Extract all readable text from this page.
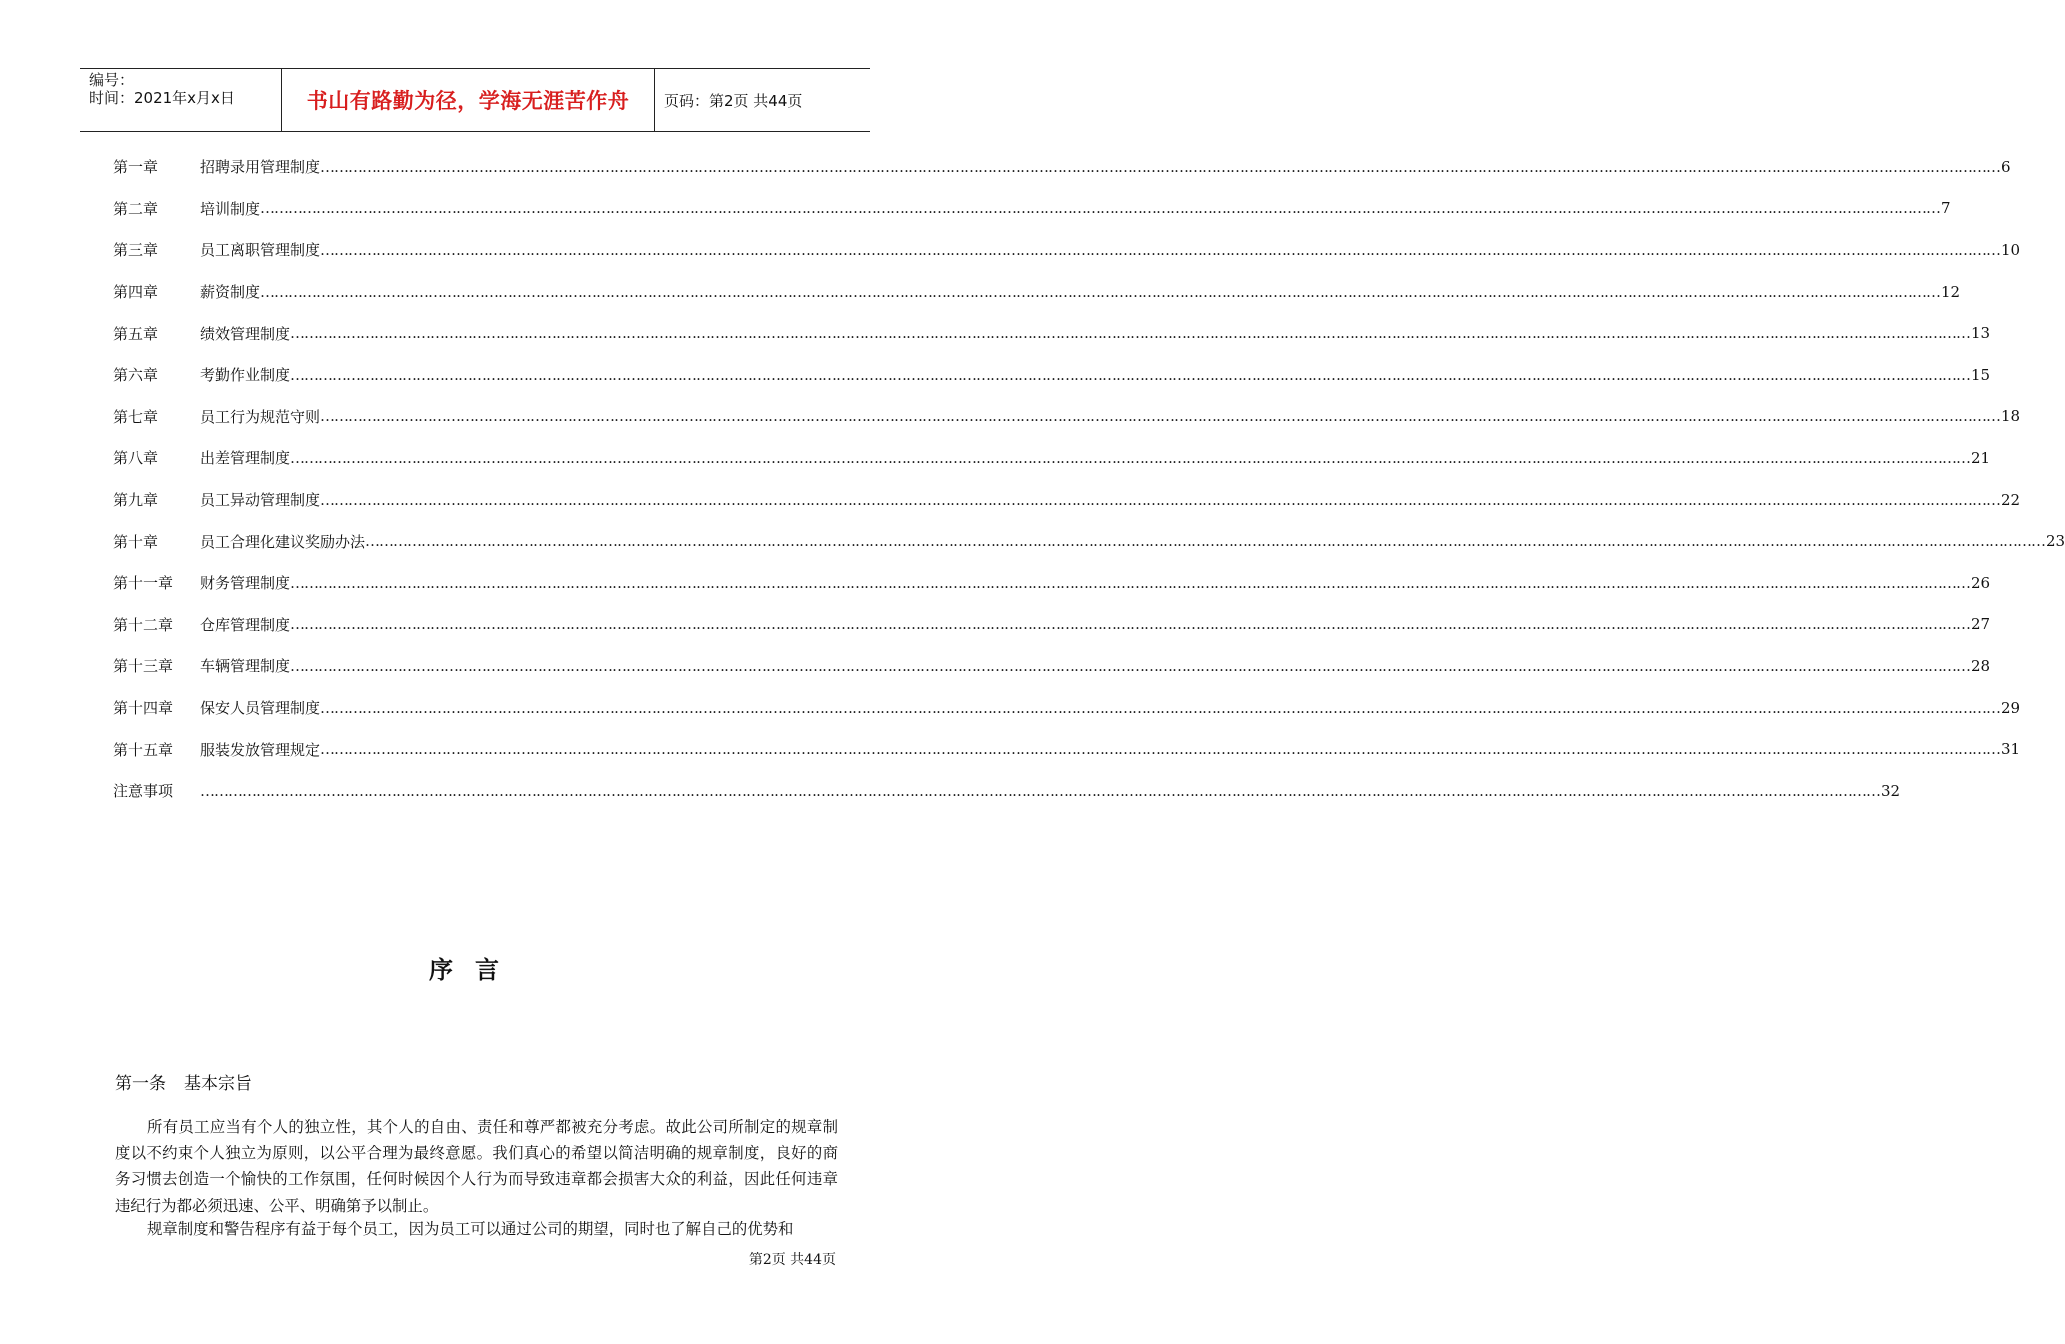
编号：
时间：2021年x月x日	书山有路勤为径，学海无涯苦作舟 页码：第2页 共44页
第一章	招聘录用管理制度 ……………………………………………………………………………………………………………………………………………………………………………………………………………………………………………………………………………………………………………………………… 6
第二章	培训制度 ……………………………………………………………………………………………………………………………………………………………………………………………………………………………………………………………………………………………………………………………… 7
第三章	员工离职管理制度 ……………………………………………………………………………………………………………………………………………………………………………………………………………………………………………………………………………………………………………………………… 10
第四章	薪资制度 ……………………………………………………………………………………………………………………………………………………………………………………………………………………………………………………………………………………………………………………………… 12
第五章	绩效管理制度 ……………………………………………………………………………………………………………………………………………………………………………………………………………………………………………………………………………………………………………………………… 13
第六章	考勤作业制度 ……………………………………………………………………………………………………………………………………………………………………………………………………………………………………………………………………………………………………………………………… 15
第七章	员工行为规范守则 ……………………………………………………………………………………………………………………………………………………………………………………………………………………………………………………………………………………………………………………………… 18
第八章	出差管理制度 ……………………………………………………………………………………………………………………………………………………………………………………………………………………………………………………………………………………………………………………………… 21
第九章	员工异动管理制度 ……………………………………………………………………………………………………………………………………………………………………………………………………………………………………………………………………………………………………………………………… 22
第十章	员工合理化建议奖励办法 ……………………………………………………………………………………………………………………………………………………………………………………………………………………………………………………………………………………………………………………………… 23
第十一章	财务管理制度 ……………………………………………………………………………………………………………………………………………………………………………………………………………………………………………………………………………………………………………………………… 26
第十二章	仓库管理制度 ……………………………………………………………………………………………………………………………………………………………………………………………………………………………………………………………………………………………………………………………… 27
第十三章	车辆管理制度 ……………………………………………………………………………………………………………………………………………………………………………………………………………………………………………………………………………………………………………………………… 28
第十四章	保安人员管理制度 ……………………………………………………………………………………………………………………………………………………………………………………………………………………………………………………………………………………………………………………………… 29
第十五章	服装发放管理规定 ……………………………………………………………………………………………………………………………………………………………………………………………………………………………………………………………………………………………………………………………… 31
注意事项	……………………………………………………………………………………………………………………………………………………………………………………………………………………………………………………………………………………………………………………………… 32
序言
第一条 基本宗旨
所有员工应当有个人的独立性，其个人的自由、责任和尊严都被充分考虑。故此公司所制定的规章制度以不约束个人独立为原则，以公平合理为最终意愿。我们真心的希望以简洁明确的规章制度，良好的商务习惯去创造一个愉快的工作氛围，任何时候因个人行为而导致违章都会损害大众的利益，因此任何违章违纪行为都必须迅速、公平、明确第予以制止。
规章制度和警告程序有益于每个员工，因为员工可以通过公司的期望，同时也了解自己的优势和
第2页 共44页
